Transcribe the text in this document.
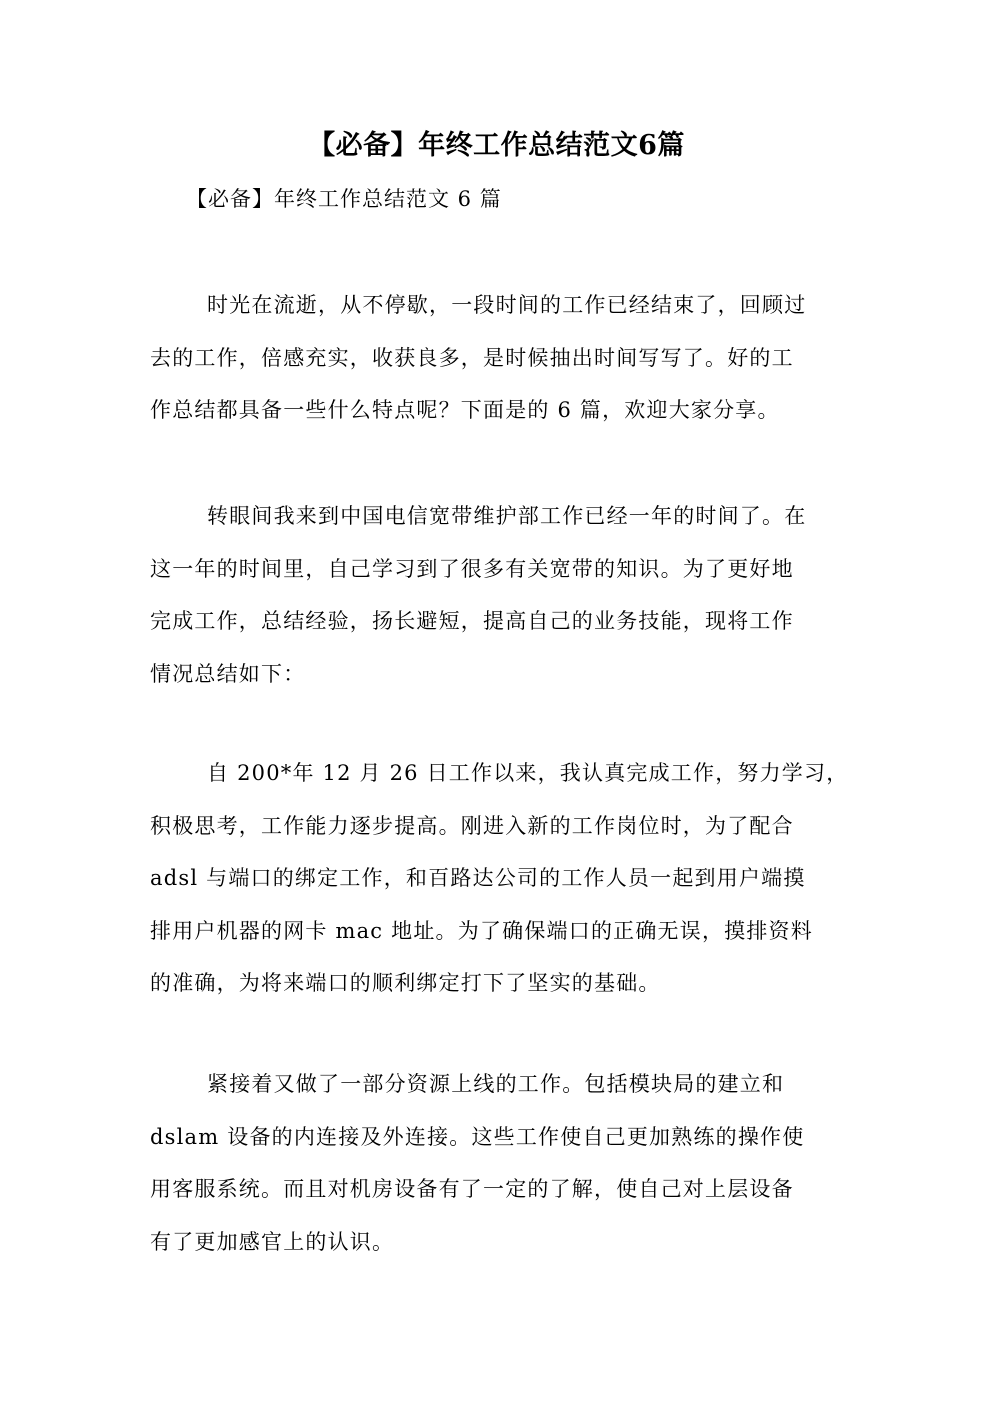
【必备】年终工作总结范文6篇
【必备】年终工作总结范文 6 篇
时光在流逝，从不停歇，一段时间的工作已经结束了，回顾过
去的工作，倍感充实，收获良多，是时候抽出时间写写了。好的工
作总结都具备一些什么特点呢？下面是的 6 篇，欢迎大家分享。
转眼间我来到中国电信宽带维护部工作已经一年的时间了。在
这一年的时间里，自己学习到了很多有关宽带的知识。为了更好地
完成工作，总结经验，扬长避短，提高自己的业务技能，现将工作
情况总结如下：
自 200*年 12 月 26 日工作以来，我认真完成工作，努力学习，
积极思考，工作能力逐步提高。刚进入新的工作岗位时，为了配合
adsl 与端口的绑定工作，和百路达公司的工作人员一起到用户端摸
排用户机器的网卡 mac 地址。为了确保端口的正确无误，摸排资料
的准确，为将来端口的顺利绑定打下了坚实的基础。
紧接着又做了一部分资源上线的工作。包括模块局的建立和
dslam 设备的内连接及外连接。这些工作使自己更加熟练的操作使
用客服系统。而且对机房设备有了一定的了解，使自己对上层设备
有了更加感官上的认识。
